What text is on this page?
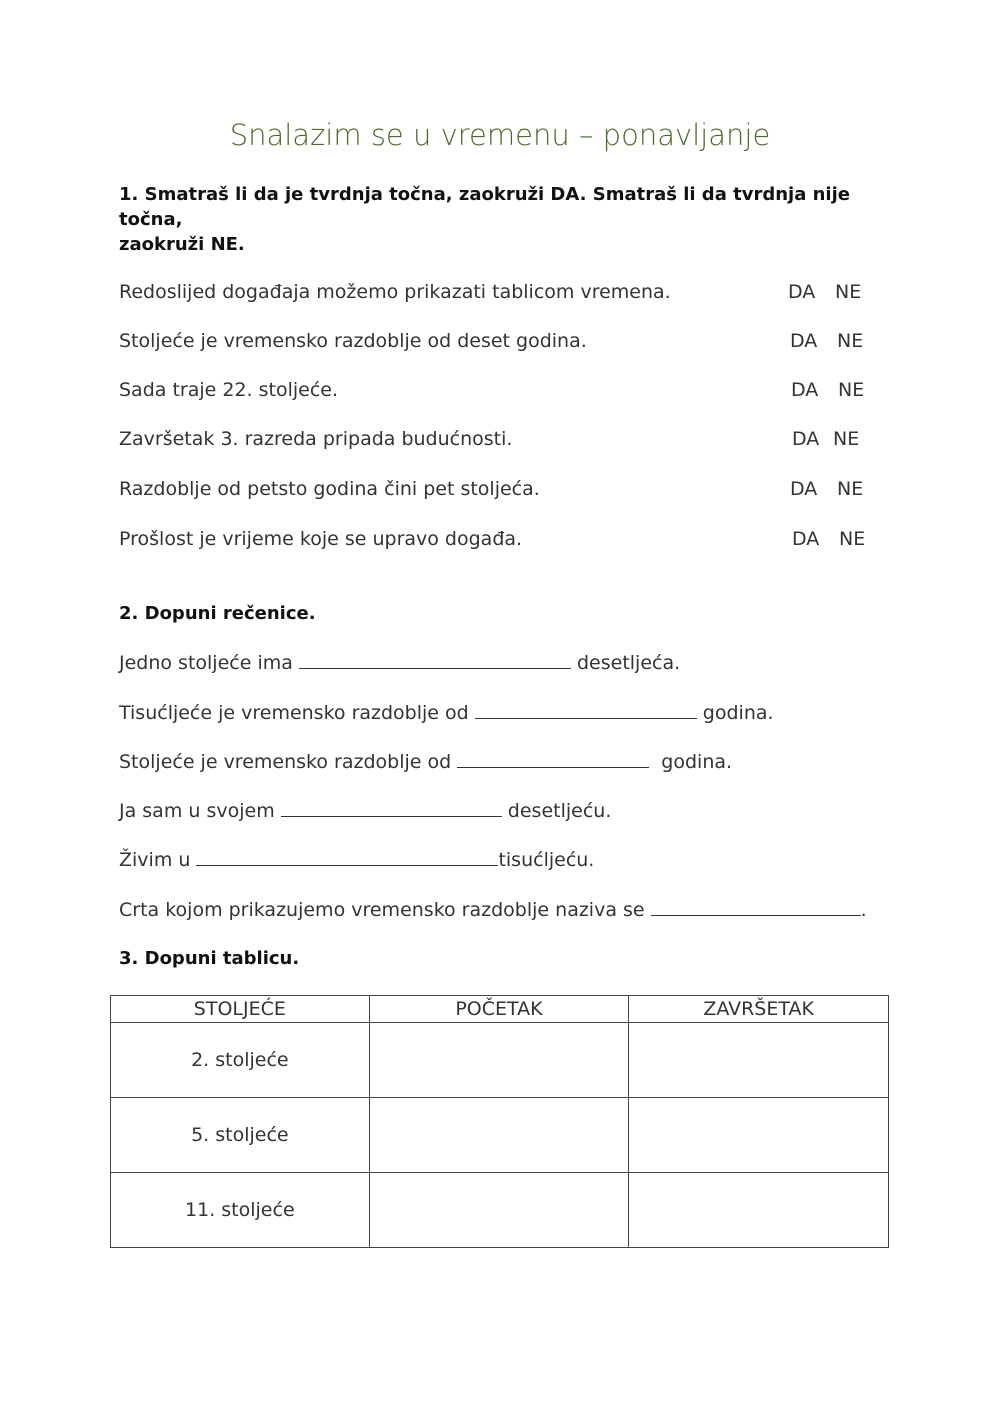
Snalazim se u vremenu – ponavljanje
1. Smatraš li da je tvrdnja točna, zaokruži DA. Smatraš li da tvrdnja nije točna,
zaokruži NE.
Redoslijed događaja možemo prikazati tablicom vremena.	DA NE
Stoljeće je vremensko razdoblje od deset godina.	DA NE
Sada traje 22. stoljeće.	DA NE
Završetak 3. razreda pripada budućnosti.	DA NE
Razdoblje od petsto godina čini pet stoljeća.	DA NE
Prošlost je vrijeme koje se upravo događa.	DA NE
2. Dopuni rečenice.
Jedno stoljeće ima	desetljeća.
Tisućljeće je vremensko razdoblje od	godina.
Stoljeće je vremensko razdoblje od	godina.
Ja sam u svojem	desetljeću.
Živim u	tisućljeću.
Crta kojom prikazujemo vremensko razdoblje naziva se	.
3. Dopuni tablicu.
STOLJEĆE	POČETAK	ZAVRŠETAK
2. stoljeće		
5. stoljeće		
11. stoljeće		
